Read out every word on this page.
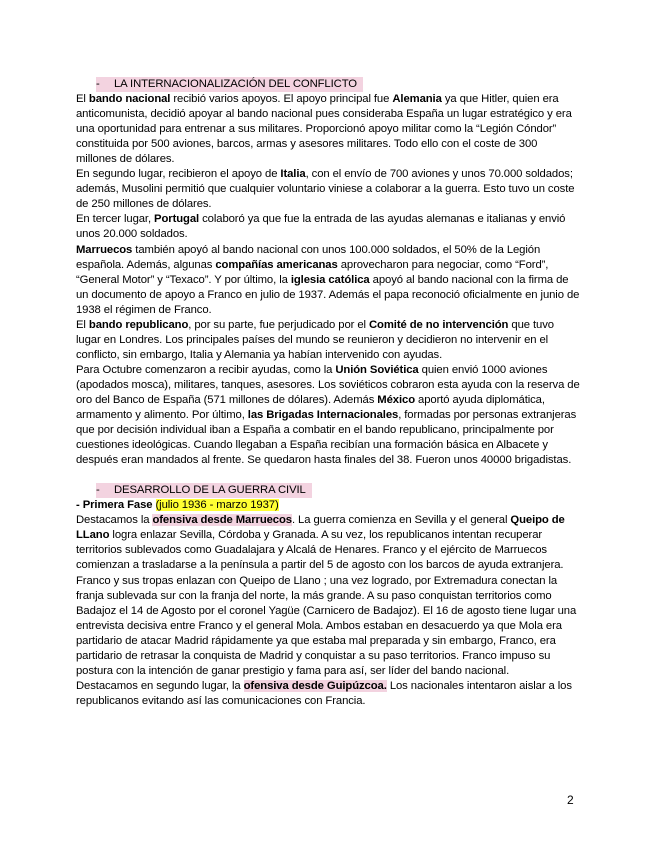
- LA INTERNACIONALIZACIÓN DEL CONFLICTO

El bando nacional recibió varios apoyos. El apoyo principal fue Alemania ya que Hitler, quien era anticomunista, decidió apoyar al bando nacional pues consideraba España un lugar estratégico y era una oportunidad para entrenar a sus militares. Proporcionó apoyo militar como la “Legión Cóndor” constituida por 500 aviones, barcos, armas y asesores militares. Todo ello con el coste de 300 millones de dólares.

En segundo lugar, recibieron el apoyo de Italia, con el envío de 700 aviones y unos 70.000 soldados; además, Musolini permitió que cualquier voluntario viniese a colaborar a la guerra. Esto tuvo un coste de 250 millones de dólares.

En tercer lugar, Portugal colaboró ya que fue la entrada de las ayudas alemanas e italianas y envió unos 20.000 soldados.

Marruecos también apoyó al bando nacional con unos 100.000 soldados, el 50% de la Legión española. Además, algunas compañías americanas aprovecharon para negociar, como “Ford”, “General Motor” y “Texaco”. Y por último, la iglesia católica apoyó al bando nacional con la firma de un documento de apoyo a Franco en julio de 1937. Además el papa reconoció oficialmente en junio de 1938 el régimen de Franco.

El bando republicano, por su parte, fue perjudicado por el Comité de no intervención que tuvo lugar en Londres. Los principales países del mundo se reunieron y decidieron no intervenir en el conflicto, sin embargo, Italia y Alemania ya habían intervenido con ayudas.

Para Octubre comenzaron a recibir ayudas, como la Unión Soviética quien envió 1000 aviones (apodados mosca), militares, tanques, asesores. Los soviéticos cobraron esta ayuda con la reserva de oro del Banco de España (571 millones de dólares). Además México aportó ayuda diplomática, armamento y alimento. Por último, las Brigadas Internacionales, formadas por personas extranjeras que por decisión individual iban a España a combatir en el bando republicano, principalmente por cuestiones ideológicas. Cuando llegaban a España recibían una formación básica en Albacete y después eran mandados al frente. Se quedaron hasta finales del 38. Fueron unos 40000 brigadistas.

- DESARROLLO DE LA GUERRA CIVIL

- Primera Fase (julio 1936 - marzo 1937)

Destacamos la ofensiva desde Marruecos. La guerra comienza en Sevilla y el general Queipo de LLano logra enlazar Sevilla, Córdoba y Granada. A su vez, los republicanos intentan recuperar territorios sublevados como Guadalajara y Alcalá de Henares. Franco y el ejército de Marruecos comienzan a trasladarse a la península a partir del 5 de agosto con los barcos de ayuda extranjera. Franco y sus tropas enlazan con Queipo de Llano ; una vez logrado, por Extremadura conectan la franja sublevada sur con la franja del norte, la más grande. A su paso conquistan territorios como Badajoz el 14 de Agosto por el coronel Yagüe (Carnicero de Badajoz). El 16 de agosto tiene lugar una entrevista decisiva entre Franco y el general Mola. Ambos estaban en desacuerdo ya que Mola era partidario de atacar Madrid rápidamente ya que estaba mal preparada y sin embargo, Franco, era partidario de retrasar la conquista de Madrid y conquistar a su paso territorios. Franco impuso su postura con la intención de ganar prestigio y fama para así, ser líder del bando nacional.

Destacamos en segundo lugar, la ofensiva desde Guipúzcoa. Los nacionales intentaron aislar a los republicanos evitando así las comunicaciones con Francia.

2
